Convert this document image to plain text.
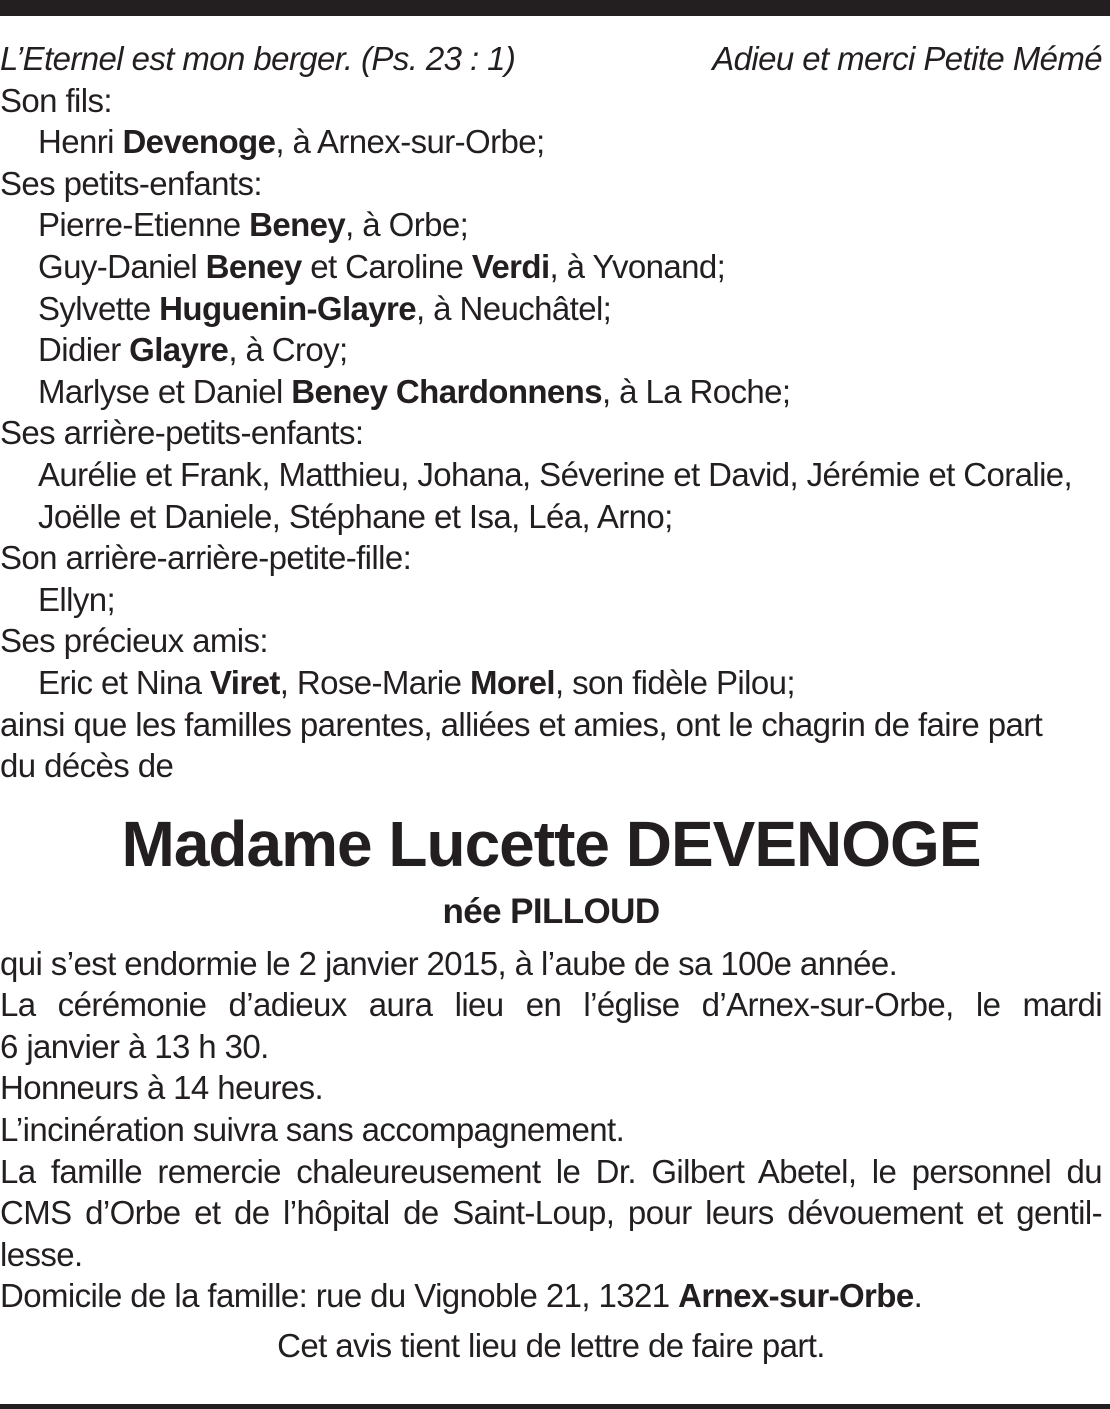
L’Eternel est mon berger. (Ps. 23 : 1)	Adieu et merci Petite Mémé
Son fils:
Henri Devenoge, à Arnex-sur-Orbe;
Ses petits-enfants:
Pierre-Etienne Beney, à Orbe;
Guy-Daniel Beney et Caroline Verdi, à Yvonand;
Sylvette Huguenin-Glayre, à Neuchâtel;
Didier Glayre, à Croy;
Marlyse et Daniel Beney Chardonnens, à La Roche;
Ses arrière-petits-enfants:
Aurélie et Frank, Matthieu, Johana, Séverine et David, Jérémie et Coralie,
Joëlle et Daniele, Stéphane et Isa, Léa, Arno;
Son arrière-arrière-petite-fille:
Ellyn;
Ses précieux amis:
Eric et Nina Viret, Rose-Marie Morel, son fidèle Pilou;
ainsi que les familles parentes, alliées et amies, ont le chagrin de faire part
du décès de
Madame Lucette DEVENOGE
née PILLOUD
qui s’est endormie le 2 janvier 2015, à l’aube de sa 100e année.
La cérémonie d’adieux aura lieu en l’église d’Arnex-sur-Orbe, le mardi
6 janvier à 13 h 30.
Honneurs à 14 heures.
L’incinération suivra sans accompagnement.
La famille remercie chaleureusement le Dr. Gilbert Abetel, le personnel du
CMS d’Orbe et de l’hôpital de Saint-Loup, pour leurs dévouement et gentil-
lesse.
Domicile de la famille: rue du Vignoble 21, 1321 Arnex-sur-Orbe.
Cet avis tient lieu de lettre de faire part.
